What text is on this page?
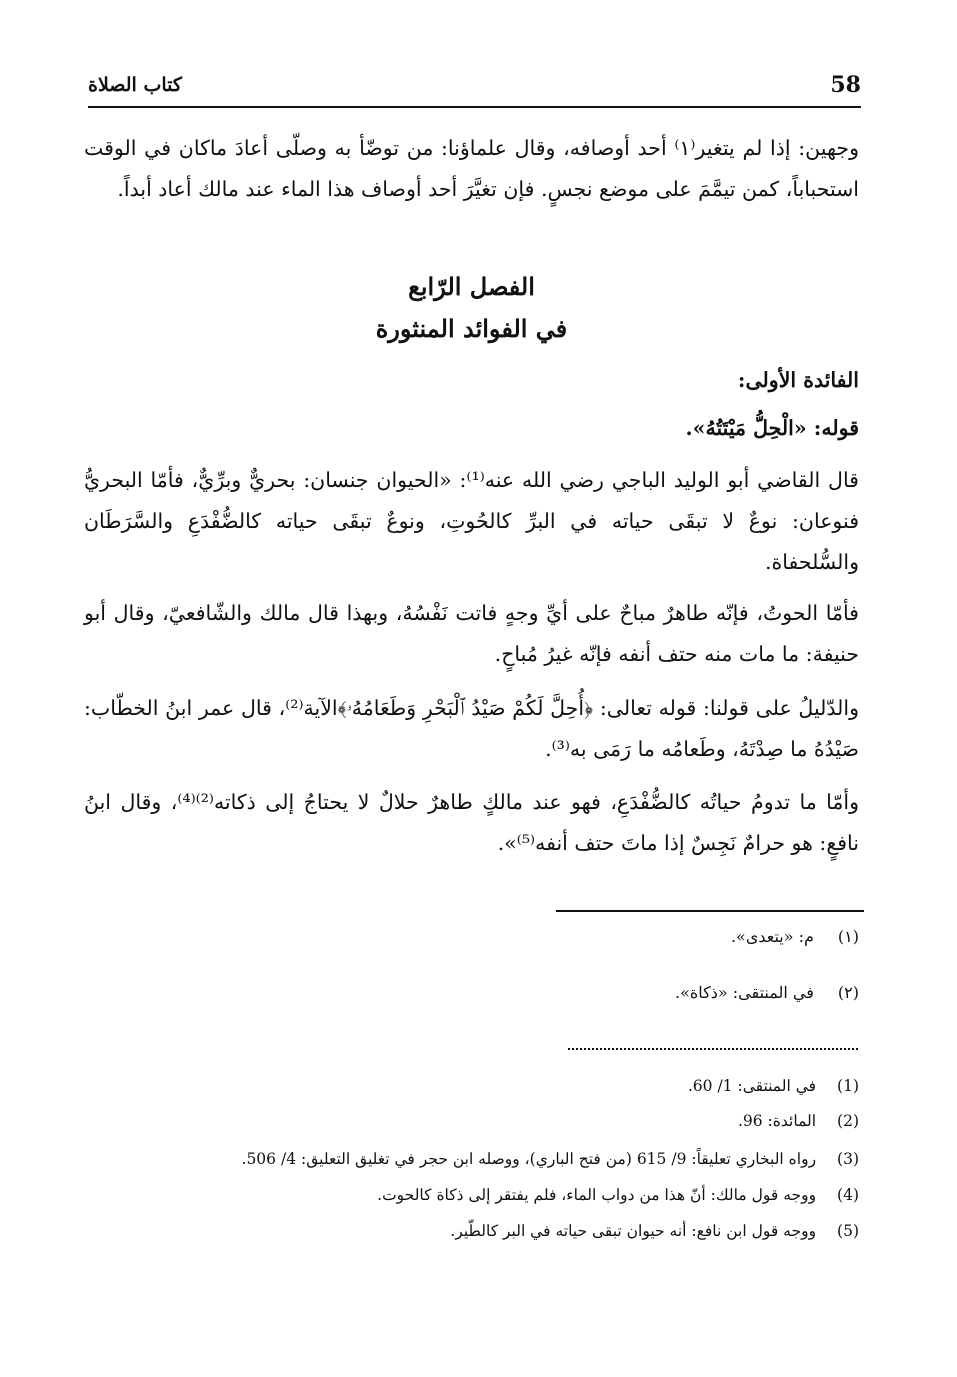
58
كتاب الصلاة

وجهين: إذا لم يتغير⁽١⁾ أحد أوصافه، وقال علماؤنا: من توضّأ به وصلّى أعادَ ماكان في الوقت استحباباً، كمن تيمَّمَ على موضع نجسٍ. فإن تغيَّرَ أحد أوصاف هذا الماء عند مالك أعاد أبداً.

الفصل الرّابع
في الفوائد المنثورة
الفائدة الأولى:
قوله: «الْحِلُّ مَيْتَتُهُ».
قال القاضي أبو الوليد الباجي رضي الله عنه⁽¹⁾: «الحيوان جنسان: بحريٌّ وبرِّيٌّ، فأمّا البحريُّ فنوعان: نوعٌ لا تبقَى حياته في البرِّ كالحُوتِ، ونوعٌ تبقَى حياته كالضُّفْدَعِ والسَّرَطَان والسُّلحفاة.
فأمّا الحوتُ، فإنّه طاهرٌ مباحٌ على أيِّ وجهٍ فاتت نَفْسُهُ، وبهذا قال مالك والشّافعيّ، وقال أبو حنيفة: ما مات منه حتف أنفه فإنّه غيرُ مُباحٍ.
والدّليلُ على قولنا: قوله تعالى: ﴿أُحِلَّ لَكُمْ صَيْدُ ٱلْبَحْرِ وَطَعَامُهُۥ﴾الآية⁽²⁾، قال عمر ابنُ الخطّاب: صَيْدُهُ ما صِدْتَهُ، وطَعامُه ما رَمَى به⁽³⁾.
وأمّا ما تدومُ حياتُه كالضُّفْدَعِ، فهو عند مالكٍ طاهرٌ حلالٌ لا يحتاجُ إلى ذكاته⁽²⁾⁽⁴⁾، وقال ابنُ نافعٍ: هو حرامٌ نَجِسٌ إذا ماتَ حتف أنفه⁽⁵⁾».
(١) م: «يتعدى».
(٢) في المنتقى: «ذكاة».
(1) في المنتقى: 1/ 60.
(2) المائدة: 96.
(3) رواه البخاري تعليقاً: 9/ 615 (من فتح الباري)، ووصله ابن حجر في تغليق التعليق: 4/ 506.
(4) ووجه قول مالك: أنّ هذا من دواب الماء، فلم يفتقر إلى ذكاة كالحوت.
(5) ووجه قول ابن نافع: أنه حيوان تبقى حياته في البر كالطّير.
